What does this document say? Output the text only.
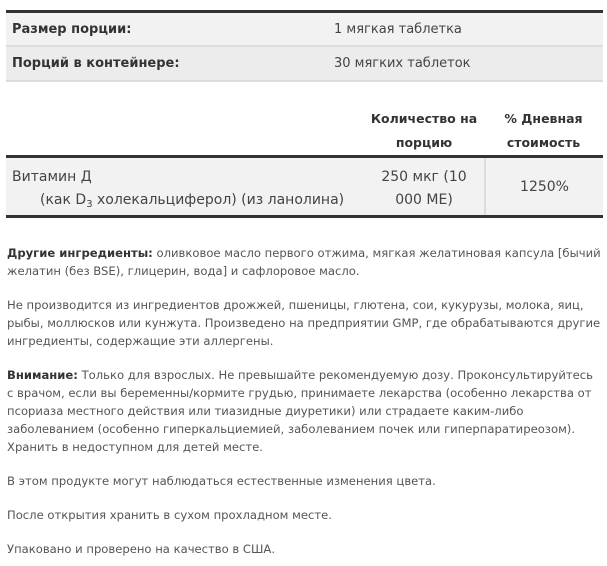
Размер порции:	1 мягкая таблетка
Порций в контейнере:	30 мягких таблеток
Количество на
порцию
% Дневная
стоимость
Витамин Д
(как $D_3$ холекальциферол) (из ланолина)
250 мкг (10
000 МЕ)
1250%

Другие ингредиенты: оливковое масло первого отжима, мягкая желатиновая капсула [бычий желатин (без BSE), глицерин, вода] и сафлоровое масло.

Не производится из ингредиентов дрожжей, пшеницы, глютена, сои, кукурузы, молока, яиц, рыбы, моллюсков или кунжута. Произведено на предприятии GMP, где обрабатываются другие ингредиенты, содержащие эти аллергены.

Внимание: Только для взрослых. Не превышайте рекомендуемую дозу. Проконсультируйтесь с врачом, если вы беременны/кормите грудью, принимаете лекарства (особенно лекарства от псориаза местного действия или тиазидные диуретики) или страдаете каким-либо заболеванием (особенно гиперкальциемией, заболеванием почек или гиперпаратиреозом). Хранить в недоступном для детей месте.

В этом продукте могут наблюдаться естественные изменения цвета.

После открытия хранить в сухом прохладном месте.

Упаковано и проверено на качество в США.
